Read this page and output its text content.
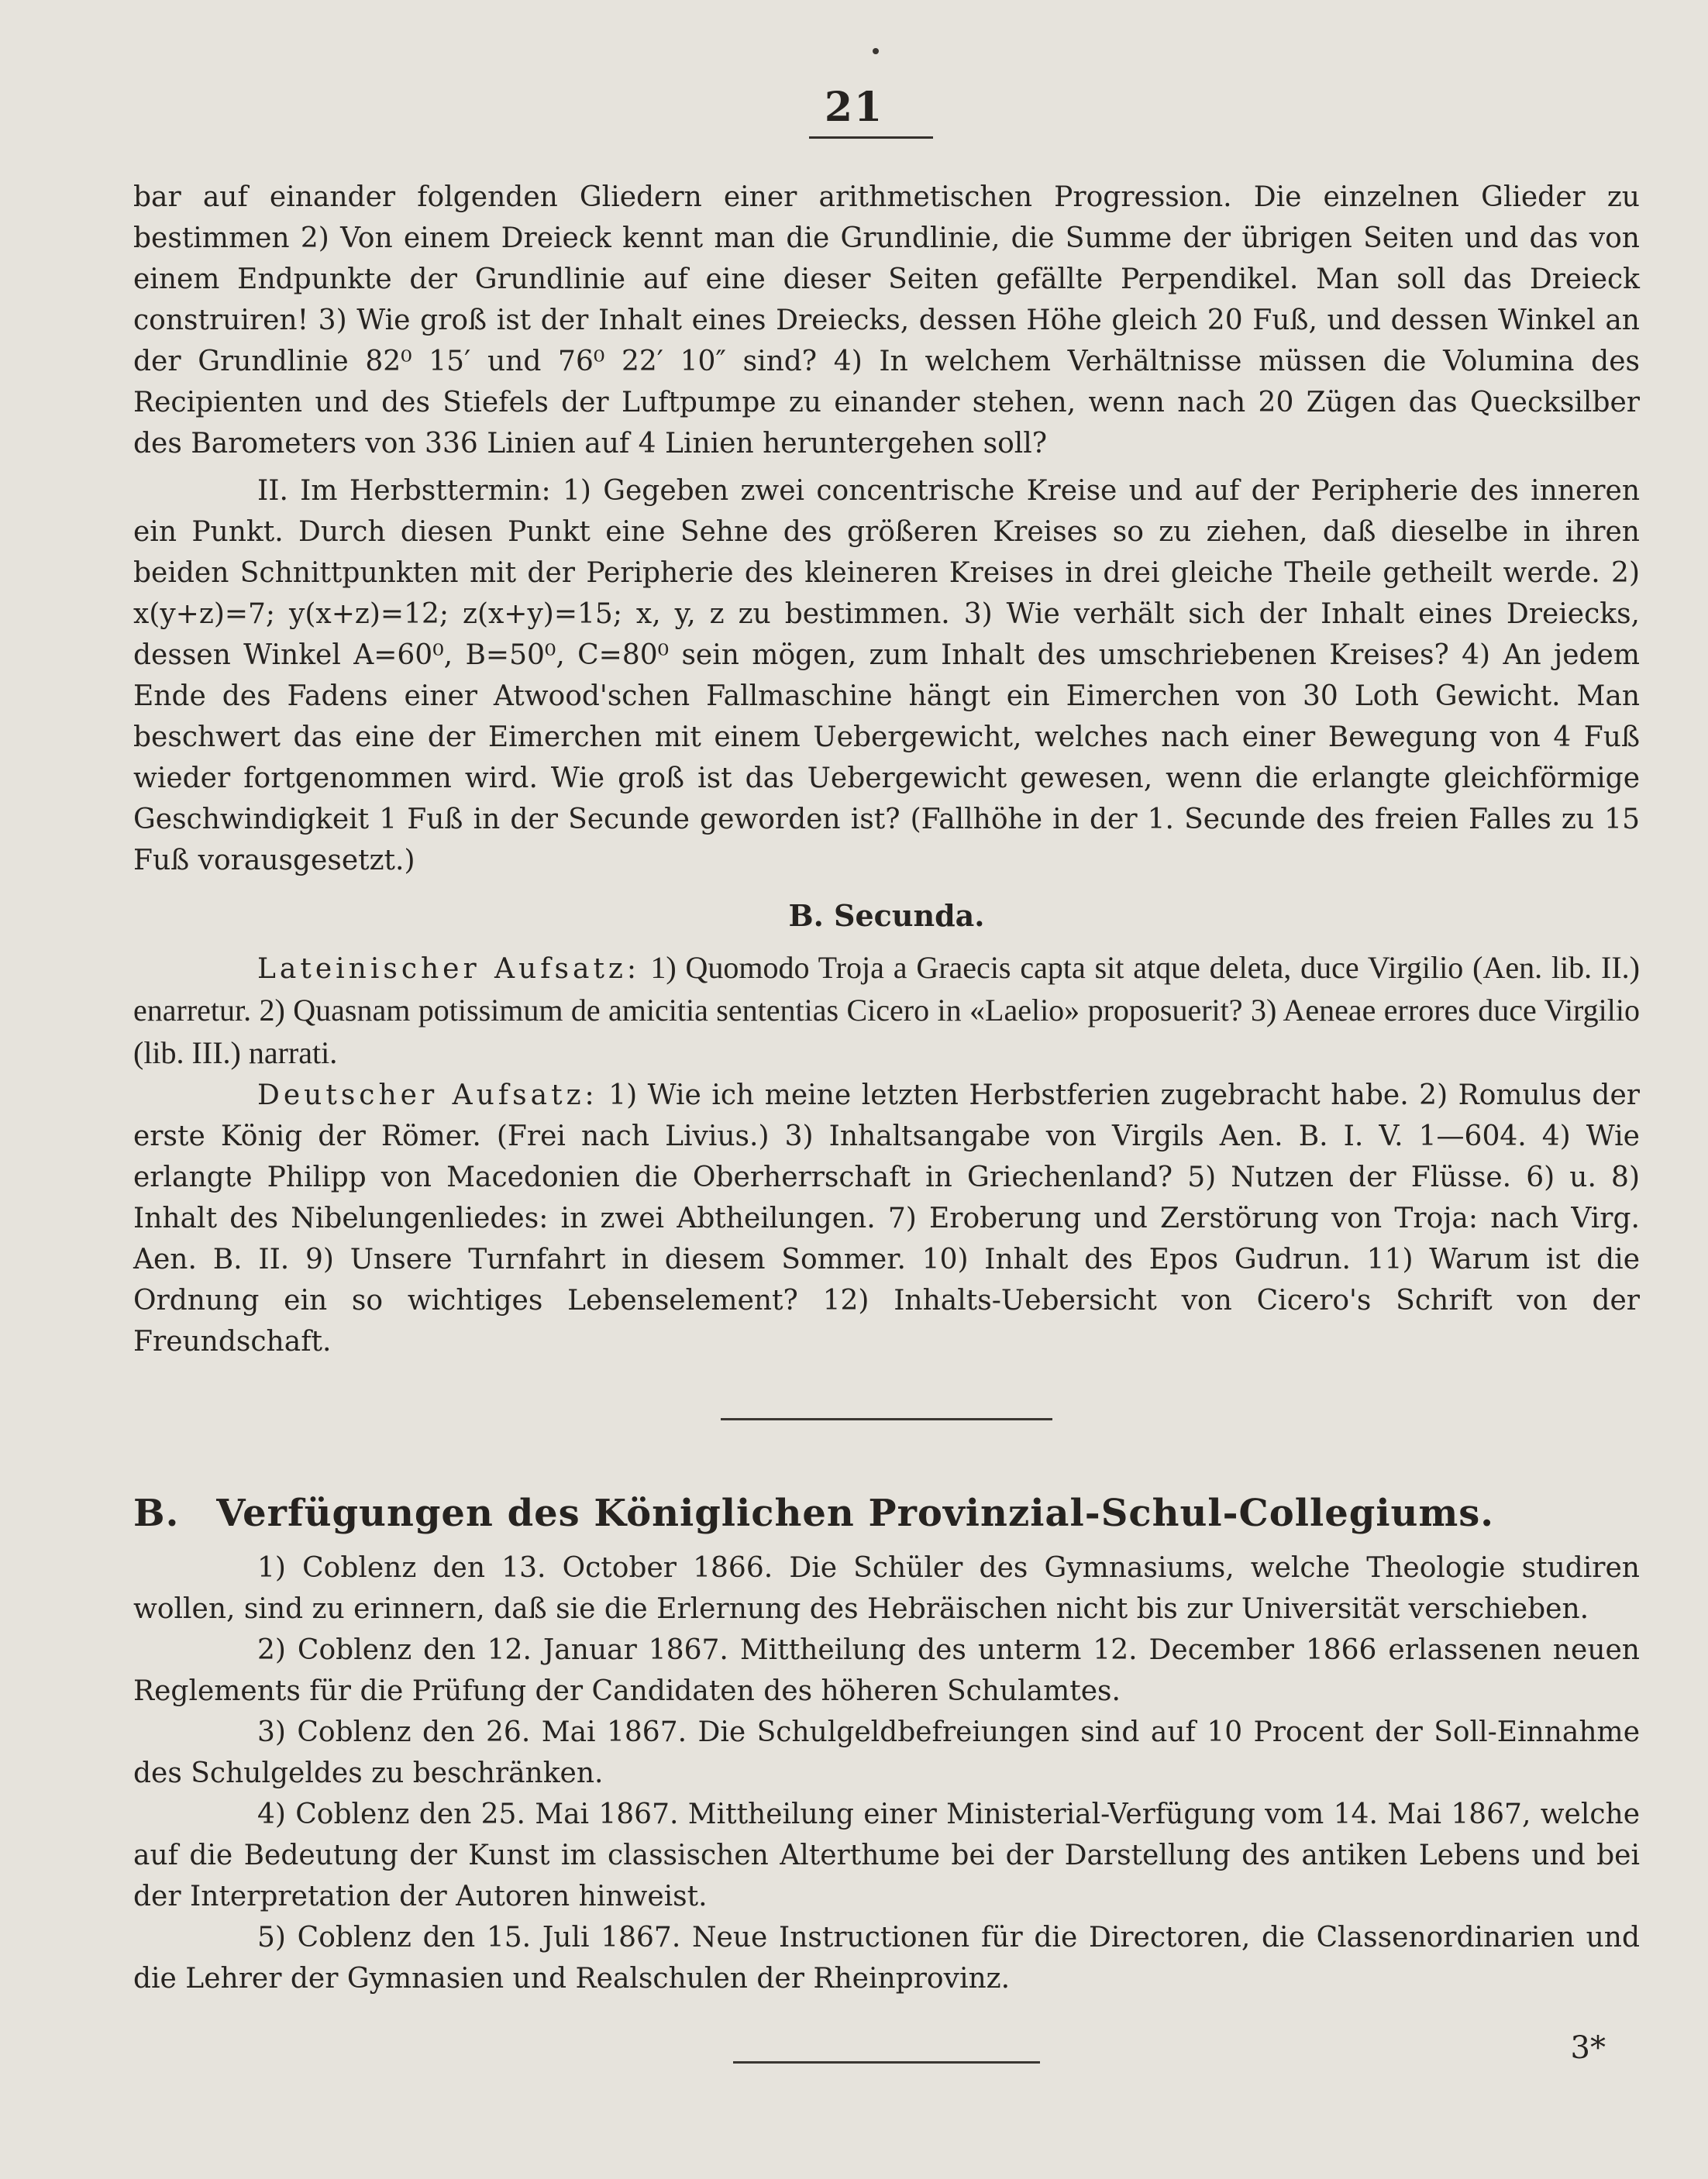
21

bar auf einander folgenden Gliedern einer arithmetischen Progression. Die einzelnen Glieder zu bestimmen 2) Von einem Dreieck kennt man die Grundlinie, die Summe der übrigen Seiten und das von einem Endpunkte der Grundlinie auf eine dieser Seiten gefällte Perpendikel. Man soll das Dreieck construiren! 3) Wie groß ist der Inhalt eines Dreiecks, dessen Höhe gleich 20 Fuß, und dessen Winkel an der Grundlinie 82⁰ 15′ und 76⁰ 22′ 10″ sind? 4) In welchem Verhältnisse müssen die Volumina des Recipienten und des Stiefels der Luftpumpe zu einander stehen, wenn nach 20 Zügen das Quecksilber des Barometers von 336 Linien auf 4 Linien heruntergehen soll?

II. Im Herbsttermin: 1) Gegeben zwei concentrische Kreise und auf der Peripherie des inneren ein Punkt. Durch diesen Punkt eine Sehne des größeren Kreises so zu ziehen, daß dieselbe in ihren beiden Schnittpunkten mit der Peripherie des kleineren Kreises in drei gleiche Theile getheilt werde. 2) x(y+z)=7; y(x+z)=12; z(x+y)=15; x, y, z zu bestimmen. 3) Wie verhält sich der Inhalt eines Dreiecks, dessen Winkel A=60⁰, B=50⁰, C=80⁰ sein mögen, zum Inhalt des umschriebenen Kreises? 4) An jedem Ende des Fadens einer Atwood'schen Fallmaschine hängt ein Eimerchen von 30 Loth Gewicht. Man beschwert das eine der Eimerchen mit einem Uebergewicht, welches nach einer Bewegung von 4 Fuß wieder fortgenommen wird. Wie groß ist das Uebergewicht gewesen, wenn die erlangte gleichförmige Geschwindigkeit 1 Fuß in der Secunde geworden ist? (Fallhöhe in der 1. Secunde des freien Falles zu 15 Fuß vorausgesetzt.)

B. Secunda.

Lateinischer Aufsatz: 1) Quomodo Troja a Graecis capta sit atque deleta, duce Virgilio (Aen. lib. II.) enarretur. 2) Quasnam potissimum de amicitia sententias Cicero in «Laelio» proposuerit? 3) Aeneae errores duce Virgilio (lib. III.) narrati.

Deutscher Aufsatz: 1) Wie ich meine letzten Herbstferien zugebracht habe. 2) Romulus der erste König der Römer. (Frei nach Livius.) 3) Inhaltsangabe von Virgils Aen. B. I. V. 1—604. 4) Wie erlangte Philipp von Macedonien die Oberherrschaft in Griechenland? 5) Nutzen der Flüsse. 6) u. 8) Inhalt des Nibelungenliedes: in zwei Abtheilungen. 7) Eroberung und Zerstörung von Troja: nach Virg. Aen. B. II. 9) Unsere Turnfahrt in diesem Sommer. 10) Inhalt des Epos Gudrun. 11) Warum ist die Ordnung ein so wichtiges Lebenselement? 12) Inhalts-Uebersicht von Cicero's Schrift von der Freundschaft.

B. Verfügungen des Königlichen Provinzial-Schul-Collegiums.

1) Coblenz den 13. October 1866. Die Schüler des Gymnasiums, welche Theologie studiren wollen, sind zu erinnern, daß sie die Erlernung des Hebräischen nicht bis zur Universität verschieben.

2) Coblenz den 12. Januar 1867. Mittheilung des unterm 12. December 1866 erlassenen neuen Reglements für die Prüfung der Candidaten des höheren Schulamtes.

3) Coblenz den 26. Mai 1867. Die Schulgeldbefreiungen sind auf 10 Procent der Soll-Einnahme des Schulgeldes zu beschränken.

4) Coblenz den 25. Mai 1867. Mittheilung einer Ministerial-Verfügung vom 14. Mai 1867, welche auf die Bedeutung der Kunst im classischen Alterthume bei der Darstellung des antiken Lebens und bei der Interpretation der Autoren hinweist.

5) Coblenz den 15. Juli 1867. Neue Instructionen für die Directoren, die Classenordinarien und die Lehrer der Gymnasien und Realschulen der Rheinprovinz.

3*
